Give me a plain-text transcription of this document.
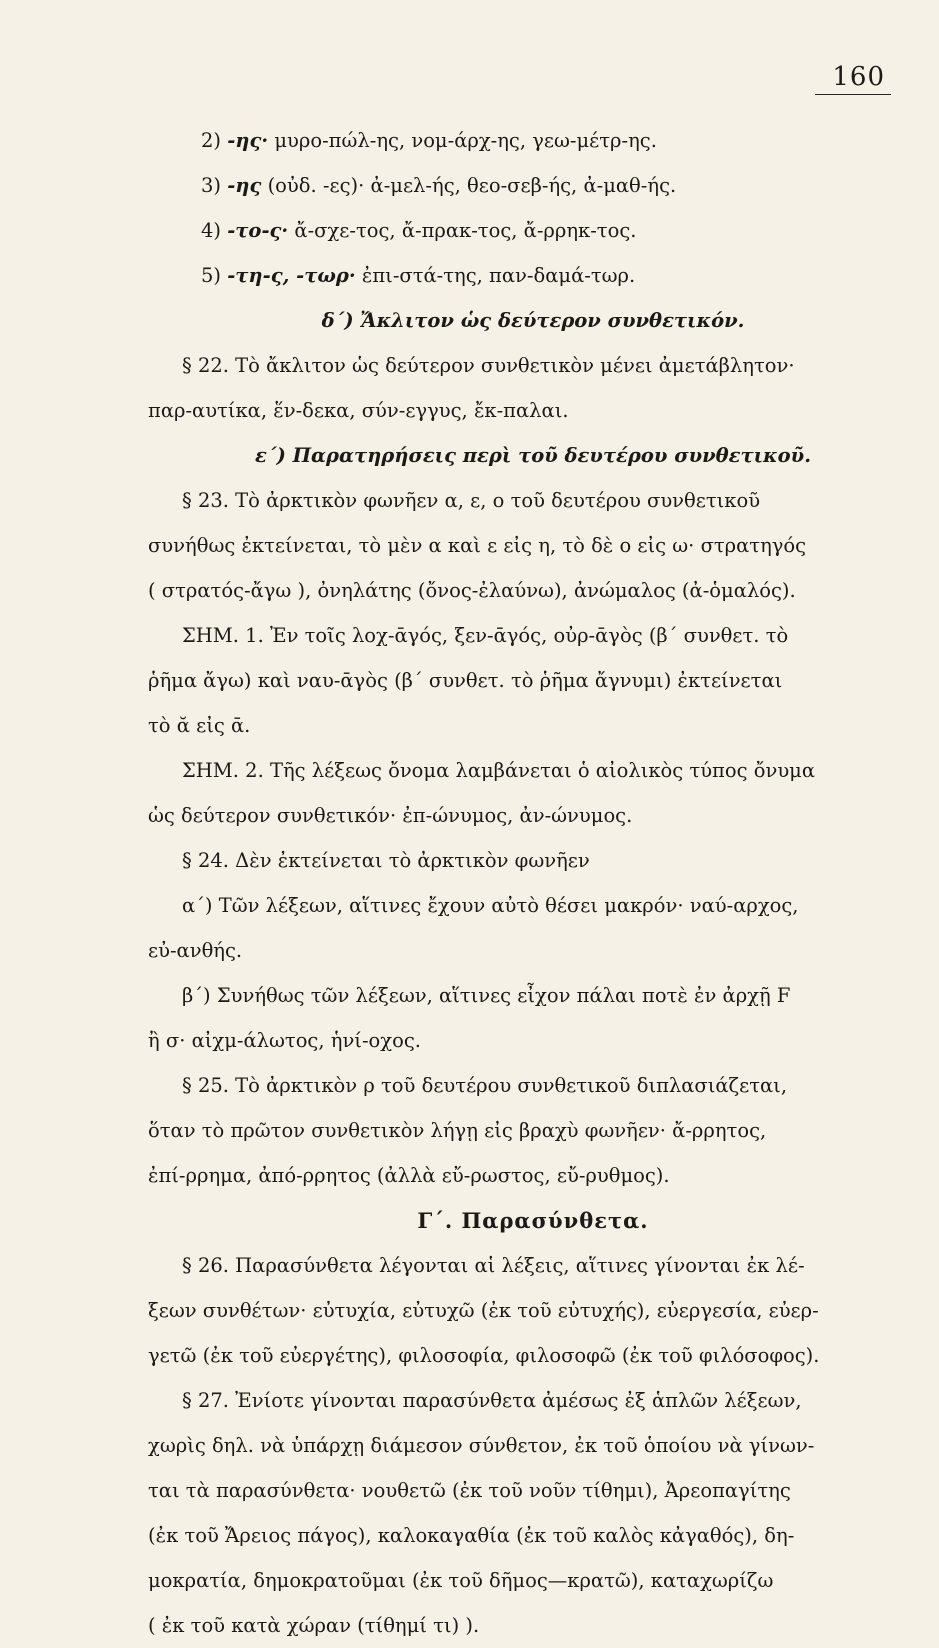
160
2) -ης· μυρο-πώλ-ης, νομ-άρχ-ης, γεω-μέτρ-ης.
3) -ης (οὐδ. -ες)· ἀ-μελ-ής, θεο-σεβ-ής, ἀ-μαθ-ής.
4) -το-ς· ἄ-σχε-τος, ἄ-πρακ-τος, ἄ-ρρηκ-τος.
5) -τη-ς, -τωρ· ἐπι-στά-της, παν-δαμά-τωρ.
δ΄) Ἄκλιτον ὡς δεύτερον συνθετικόν.
§ 22. Τὸ ἄκλιτον ὡς δεύτερον συνθετικὸν μένει ἀμετάβλητον·
παρ-αυτίκα, ἕν-δεκα, σύν-εγγυς, ἔκ-παλαι.
ε΄) Παρατηρήσεις περὶ τοῦ δευτέρου συνθετικοῦ.
§ 23. Τὸ ἀρκτικὸν φωνῆεν α, ε, ο τοῦ δευτέρου συνθετικοῦ
συνήθως ἐκτείνεται, τὸ μὲν α καὶ ε εἰς η, τὸ δὲ ο εἰς ω· στρατηγός
( στρατός-ἄγω ), ὀνηλάτης (ὄνος-ἐλαύνω), ἀνώμαλος (ἀ-ὁμαλός).
ΣΗΜ. 1. Ἐν τοῖς λοχ-ᾱγός, ξεν-ᾱγός, οὐρ-ᾱγὸς (β΄ συνθετ. τὸ
ῥῆμα ἄγω) καὶ ναυ-ᾱγὸς (β΄ συνθετ. τὸ ῥῆμα ἄγνυμι) ἐκτείνεται
τὸ ᾰ εἰς ᾱ.
ΣΗΜ. 2. Τῆς λέξεως ὄνομα λαμβάνεται ὁ αἰολικὸς τύπος ὄνυμα
ὡς δεύτερον συνθετικόν· ἐπ-ώνυμος, ἀν-ώνυμος.
§ 24. Δὲν ἐκτείνεται τὸ ἀρκτικὸν φωνῆεν
α΄) Τῶν λέξεων, αἵτινες ἔχουν αὐτὸ θέσει μακρόν· ναύ-αρχος,
εὐ-ανθής.
β΄) Συνήθως τῶν λέξεων, αἵτινες εἶχον πάλαι ποτὲ ἐν ἀρχῇ F
ἢ σ· αἰχμ-άλωτος, ἡνί-οχος.
§ 25. Τὸ ἀρκτικὸν ρ τοῦ δευτέρου συνθετικοῦ διπλασιάζεται,
ὅταν τὸ πρῶτον συνθετικὸν λήγῃ εἰς βραχὺ φωνῆεν· ἄ-ρρητος,
ἐπί-ρρημα, ἀπό-ρρητος (ἀλλὰ εὔ-ρωστος, εὔ-ρυθμος).
Γ΄. Παρασύνθετα.
§ 26. Παρασύνθετα λέγονται αἱ λέξεις, αἵτινες γίνονται ἐκ λέ-
ξεων συνθέτων· εὐτυχία, εὐτυχῶ (ἐκ τοῦ εὐτυχής), εὐεργεσία, εὐερ-
γετῶ (ἐκ τοῦ εὐεργέτης), φιλοσοφία, φιλοσοφῶ (ἐκ τοῦ φιλόσοφος).
§ 27. Ἐνίοτε γίνονται παρασύνθετα ἀμέσως ἐξ ἁπλῶν λέξεων,
χωρὶς δηλ. νὰ ὑπάρχῃ διάμεσον σύνθετον, ἐκ τοῦ ὁποίου νὰ γίνων-
ται τὰ παρασύνθετα· νουθετῶ (ἐκ τοῦ νοῦν τίθημι), Ἀρεοπαγίτης
(ἐκ τοῦ Ἄρειος πάγος), καλοκαγαθία (ἐκ τοῦ καλὸς κἀγαθός), δη-
μοκρατία, δημοκρατοῦμαι (ἐκ τοῦ δῆμος—κρατῶ), καταχωρίζω
( ἐκ τοῦ κατὰ χώραν (τίθημί τι) ).
